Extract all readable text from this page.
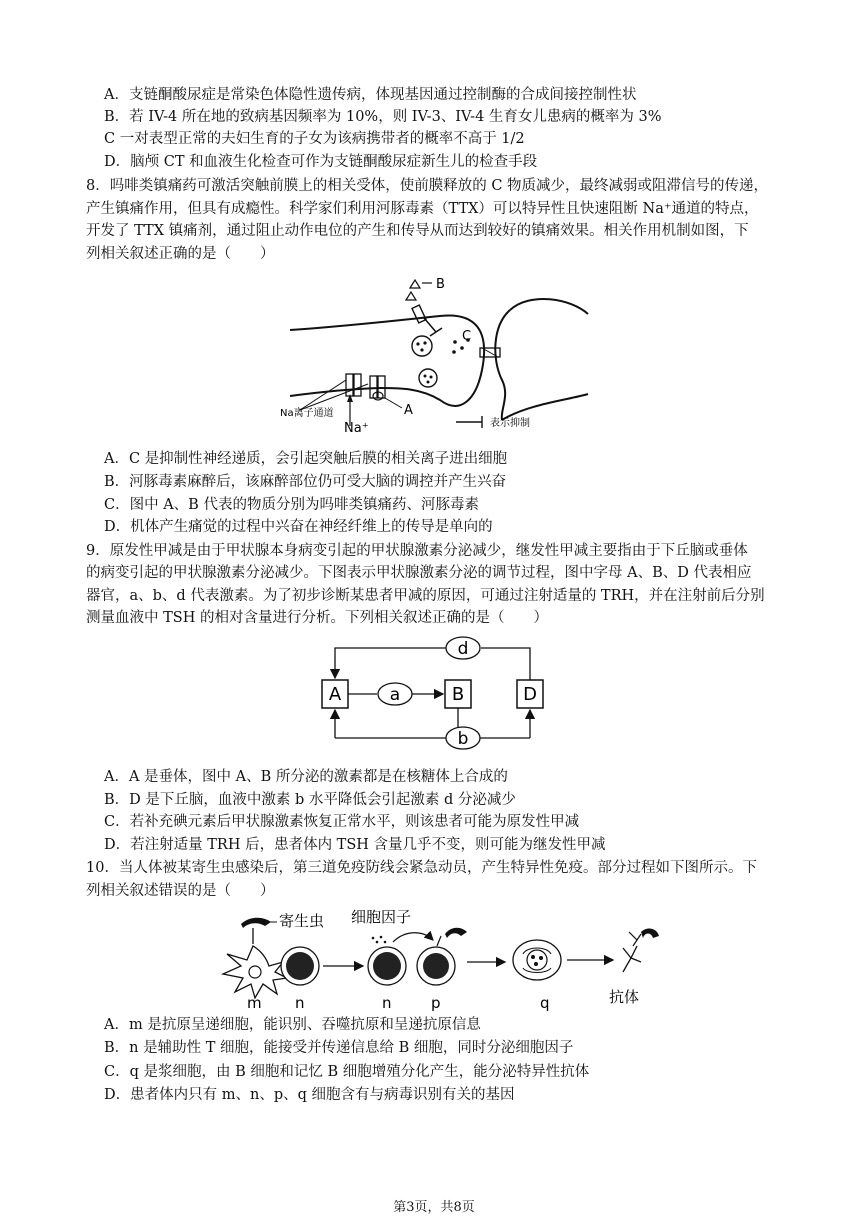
A．支链酮酸尿症是常染色体隐性遗传病，体现基因通过控制酶的合成间接控制性状
B．若 IV-4 所在地的致病基因频率为 10%，则 IV-3、IV-4 生育女儿患病的概率为 3%
C 一对表型正常的夫妇生育的子女为该病携带者的概率不高于 1/2
D．脑颅 CT 和血液生化检查可作为支链酮酸尿症新生儿的检查手段
8．吗啡类镇痛药可激活突触前膜上的相关受体，使前膜释放的 C 物质减少，最终减弱或阻滞信号的传递，
产生镇痛作用，但具有成瘾性。科学家们利用河豚毒素（TTX）可以特异性且快速阻断 Na⁺通道的特点，
开发了 TTX 镇痛剂，通过阻止动作电位的产生和传导从而达到较好的镇痛效果。相关作用机制如图，下
列相关叙述正确的是（　　）
B
C
A
Na离子通道
Na⁺	表示抑制
A．C 是抑制性神经递质，会引起突触后膜的相关离子进出细胞
B．河豚毒素麻醉后，该麻醉部位仍可受大脑的调控并产生兴奋
C．图中 A、B 代表的物质分别为吗啡类镇痛药、河豚毒素
D．机体产生痛觉的过程中兴奋在神经纤维上的传导是单向的
9．原发性甲减是由于甲状腺本身病变引起的甲状腺激素分泌减少，继发性甲减主要指由于下丘脑或垂体
的病变引起的甲状腺激素分泌减少。下图表示甲状腺激素分泌的调节过程，图中字母 A、B、D 代表相应
器官，a、b、d 代表激素。为了初步诊断某患者甲减的原因，可通过注射适量的 TRH，并在注射前后分别
测量血液中 TSH 的相对含量进行分析。下列相关叙述正确的是（　　）
A	B	D
a
d
b
A．A 是垂体，图中 A、B 所分泌的激素都是在核糖体上合成的
B．D 是下丘脑，血液中激素 b 水平降低会引起激素 d 分泌减少
C．若补充碘元素后甲状腺激素恢复正常水平，则该患者可能为原发性甲减
D．若注射适量 TRH 后，患者体内 TSH 含量几乎不变，则可能为继发性甲减
10．当人体被某寄生虫感染后，第三道免疫防线会紧急动员，产生特异性免疫。部分过程如下图所示。下
列相关叙述错误的是（　　）
寄生虫
m n
细胞因子
n	p	q	抗体
A．m 是抗原呈递细胞，能识别、吞噬抗原和呈递抗原信息
B．n 是辅助性 T 细胞，能接受并传递信息给 B 细胞，同时分泌细胞因子
C．q 是浆细胞，由 B 细胞和记忆 B 细胞增殖分化产生，能分泌特异性抗体
D．患者体内只有 m、n、p、q 细胞含有与病毒识别有关的基因
第3页，共8页
